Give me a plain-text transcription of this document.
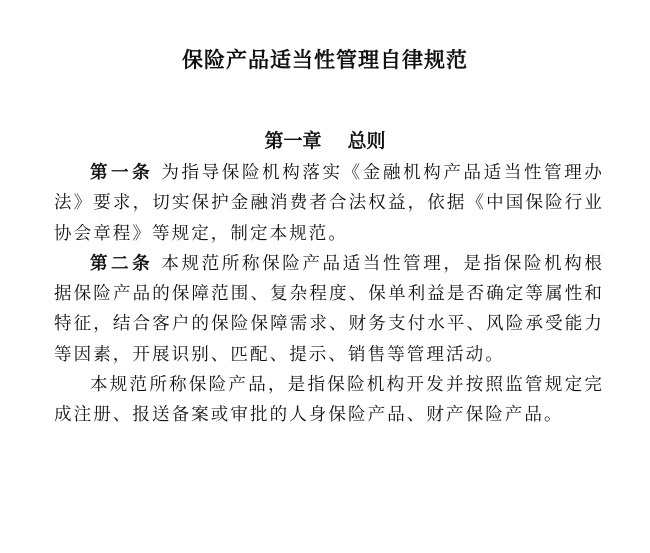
保险产品适当性管理自律规范
第一章 总则

第一条 为指导保险机构落实《金融机构产品适当性管理办法》要求，切实保护金融消费者合法权益，依据《中国保险行业协会章程》等规定，制定本规范。

第二条 本规范所称保险产品适当性管理，是指保险机构根据保险产品的保障范围、复杂程度、保单利益是否确定等属性和特征，结合客户的保险保障需求、财务支付水平、风险承受能力等因素，开展识别、匹配、提示、销售等管理活动。

本规范所称保险产品，是指保险机构开发并按照监管规定完成注册、报送备案或审批的人身保险产品、财产保险产品。
